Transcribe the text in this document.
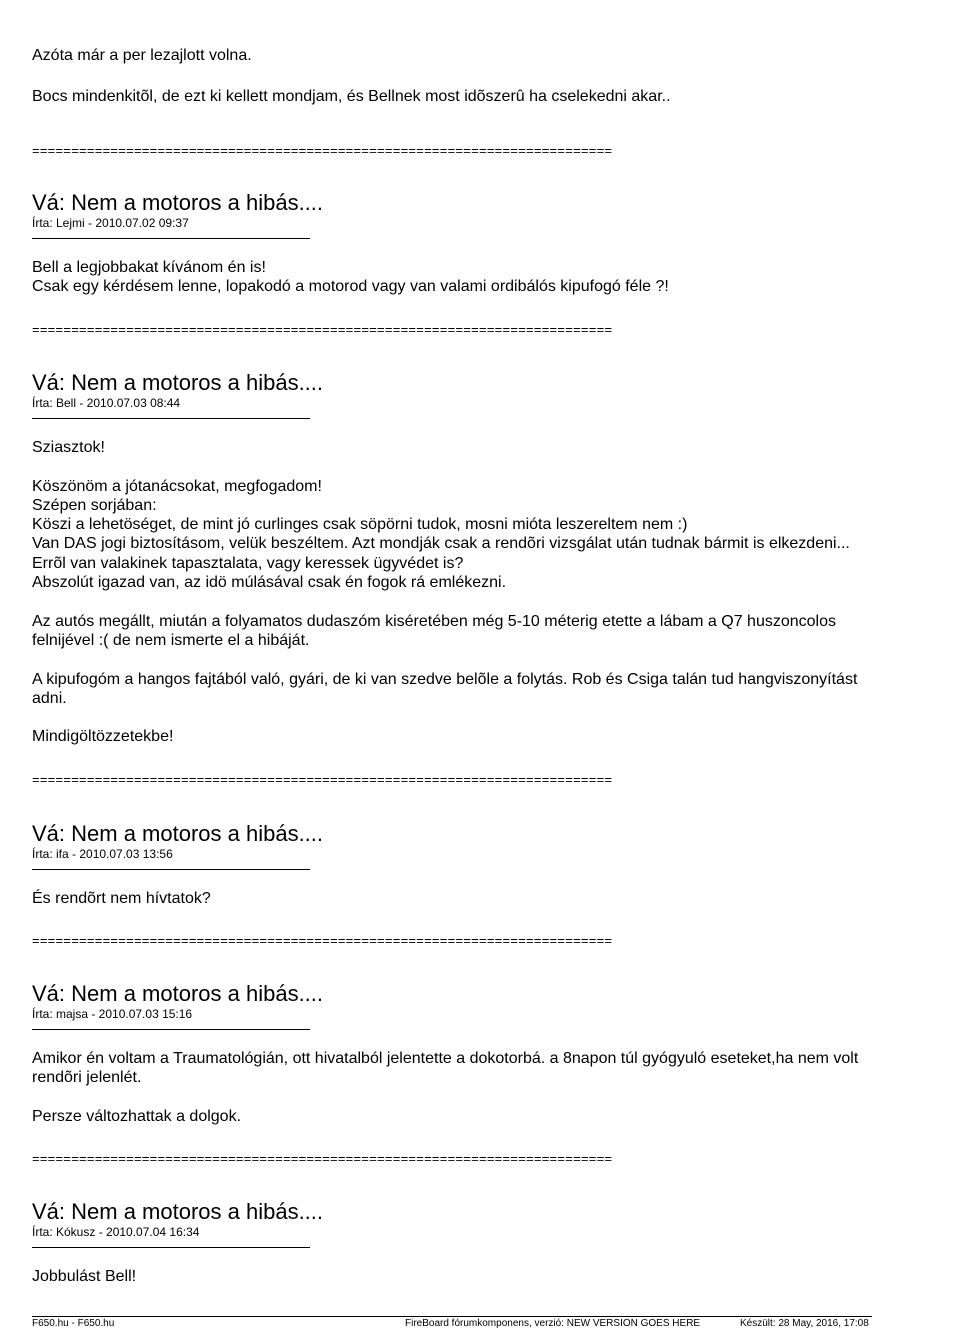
Azóta már a per lezajlott volna.

Bocs mindenkitõl, de ezt ki kellett mondjam, és Bellnek most idõszerû ha cselekedni akar..

==========================================================================
Vá: Nem a motoros a hibás....

Írta: Lejmi - 2010.07.02 09:37

Bell a legjobbakat kívánom én is!

Csak egy kérdésem lenne, lopakodó a motorod vagy van valami ordibálós kipufogó féle ?!

==========================================================================
Vá: Nem a motoros a hibás....

Írta: Bell - 2010.07.03 08:44

Sziasztok!

Köszönöm a jótanácsokat, megfogadom!

Szépen sorjában:

Köszi a lehetöséget, de mint jó curlinges csak söpörni tudok, mosni mióta leszereltem nem :)

Van DAS jogi biztosításom, velük beszéltem. Azt mondják csak a rendõri vizsgálat után tudnak bármit is elkezdeni...

Errõl van valakinek tapasztalata, vagy keressek ügyvédet is?

Abszolút igazad van, az idö múlásával csak én fogok rá emlékezni.

Az autós megállt, miután a folyamatos dudaszóm kiséretében még 5-10 méterig etette a lábam a Q7 huszoncolos

felnijével :( de nem ismerte el a hibáját.

A kipufogóm a hangos fajtából való, gyári, de ki van szedve belõle a folytás. Rob és Csiga talán tud hangviszonyítást

adni.

Mindigöltözzetekbe!

==========================================================================
Vá: Nem a motoros a hibás....

Írta: ifa - 2010.07.03 13:56

És rendõrt nem hívtatok?

==========================================================================
Vá: Nem a motoros a hibás....

Írta: majsa - 2010.07.03 15:16

Amikor én voltam a Traumatológián, ott hivatalból jelentette a dokotorbá. a 8napon túl gyógyuló eseteket,ha nem volt

rendõri jelenlét.

Persze változhattak a dolgok.

==========================================================================
Vá: Nem a motoros a hibás....

Írta: Kókusz - 2010.07.04 16:34

Jobbulást Bell!

F650.hu - F650.hu	FireBoard fórumkomponens, verzió: NEW VERSION GOES HERE	Készült: 28 May, 2016, 17:08
